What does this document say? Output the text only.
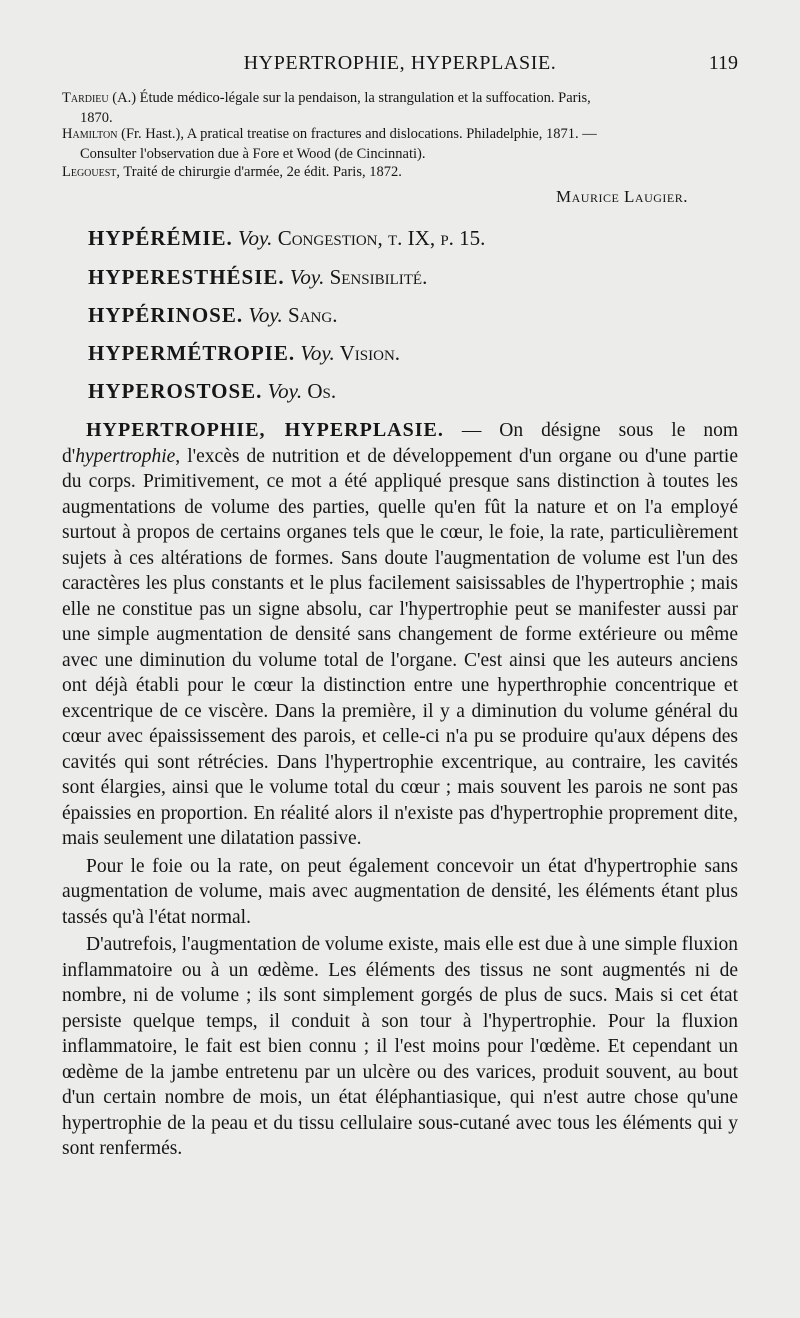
HYPERTROPHIE, HYPERPLASIE.	119
Tardieu (A.) Étude médico-légale sur la pendaison, la strangulation et la suffocation. Paris,
1870.
Hamilton (Fr. Hast.), A pratical treatise on fractures and dislocations. Philadelphie, 1871. —
Consulter l'observation due à Fore et Wood (de Cincinnati).
Legouest, Traité de chirurgie d'armée, 2e édit. Paris, 1872.
Maurice Laugier.
HYPÉRÉMIE. Voy. Congestion, t. IX, p. 15.
HYPERESTHÉSIE. Voy. Sensibilité.
HYPÉRINOSE. Voy. Sang.
HYPERMÉTROPIE. Voy. Vision.
HYPEROSTOSE. Voy. Os.

HYPERTROPHIE, HYPERPLASIE. — On désigne sous le nom d'hypertrophie, l'excès de nutrition et de développement d'un organe ou d'une partie du corps. Primitivement, ce mot a été appliqué presque sans distinction à toutes les augmentations de volume des parties, quelle qu'en fût la nature et on l'a employé surtout à propos de certains organes tels que le cœur, le foie, la rate, particulièrement sujets à ces altérations de formes. Sans doute l'augmentation de volume est l'un des caractères les plus constants et le plus facilement saisissables de l'hypertrophie ; mais elle ne constitue pas un signe absolu, car l'hypertrophie peut se manifester aussi par une simple augmentation de densité sans changement de forme extérieure ou même avec une diminution du volume total de l'organe. C'est ainsi que les auteurs anciens ont déjà établi pour le cœur la distinction entre une hyperthrophie concentrique et excentrique de ce viscère. Dans la première, il y a diminution du volume général du cœur avec épaississement des parois, et celle-ci n'a pu se produire qu'aux dépens des cavités qui sont rétrécies. Dans l'hypertrophie excentrique, au contraire, les cavités sont élargies, ainsi que le volume total du cœur ; mais souvent les parois ne sont pas épaissies en proportion. En réalité alors il n'existe pas d'hypertrophie proprement dite, mais seulement une dilatation passive.

Pour le foie ou la rate, on peut également concevoir un état d'hypertrophie sans augmentation de volume, mais avec augmentation de densité, les éléments étant plus tassés qu'à l'état normal.

D'autrefois, l'augmentation de volume existe, mais elle est due à une simple fluxion inflammatoire ou à un œdème. Les éléments des tissus ne sont augmentés ni de nombre, ni de volume ; ils sont simplement gorgés de plus de sucs. Mais si cet état persiste quelque temps, il conduit à son tour à l'hypertrophie. Pour la fluxion inflammatoire, le fait est bien connu ; il l'est moins pour l'œdème. Et cependant un œdème de la jambe entretenu par un ulcère ou des varices, produit souvent, au bout d'un certain nombre de mois, un état éléphantiasique, qui n'est autre chose qu'une hypertrophie de la peau et du tissu cellulaire sous-cutané avec tous les éléments qui y sont renfermés.
